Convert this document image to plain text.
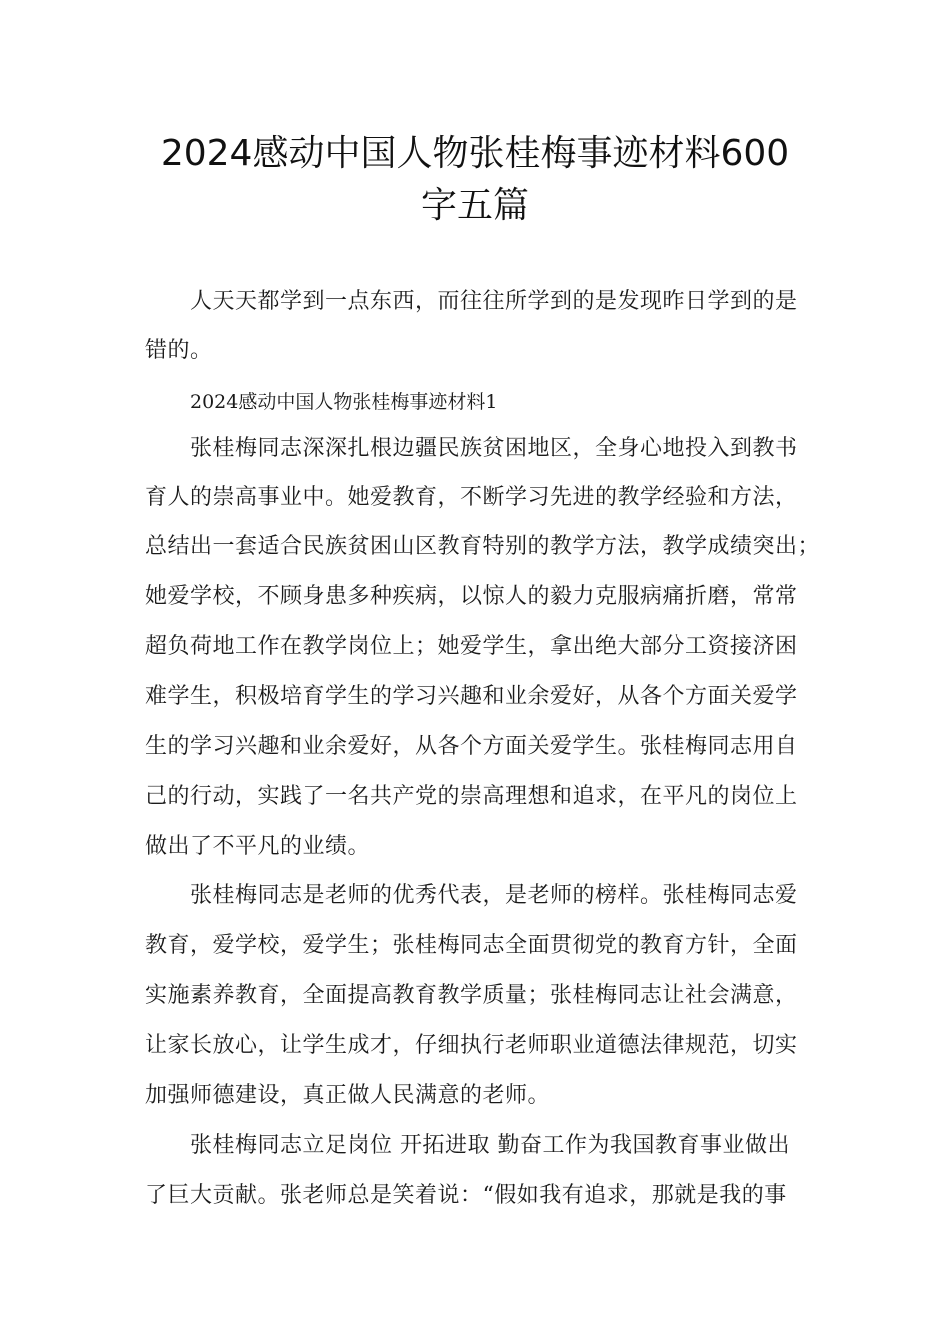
2024感动中国人物张桂梅事迹材料600
字五篇
人天天都学到一点东西，而往往所学到的是发现昨日学到的是
错的。
2024感动中国人物张桂梅事迹材料1
张桂梅同志深深扎根边疆民族贫困地区，全身心地投入到教书
育人的崇高事业中。她爱教育，不断学习先进的教学经验和方法，
总结出一套适合民族贫困山区教育特别的教学方法，教学成绩突出；
她爱学校，不顾身患多种疾病，以惊人的毅力克服病痛折磨，常常
超负荷地工作在教学岗位上；她爱学生，拿出绝大部分工资接济困
难学生，积极培育学生的学习兴趣和业余爱好，从各个方面关爱学
生的学习兴趣和业余爱好，从各个方面关爱学生。张桂梅同志用自
己的行动，实践了一名共产党的崇高理想和追求，在平凡的岗位上
做出了不平凡的业绩。
张桂梅同志是老师的优秀代表，是老师的榜样。张桂梅同志爱
教育，爱学校，爱学生；张桂梅同志全面贯彻党的教育方针，全面
实施素养教育，全面提高教育教学质量；张桂梅同志让社会满意，
让家长放心，让学生成才，仔细执行老师职业道德法律规范，切实
加强师德建设，真正做人民满意的老师。
张桂梅同志立足岗位 开拓进取 勤奋工作为我国教育事业做出
了巨大贡献。张老师总是笑着说：“假如我有追求，那就是我的事
